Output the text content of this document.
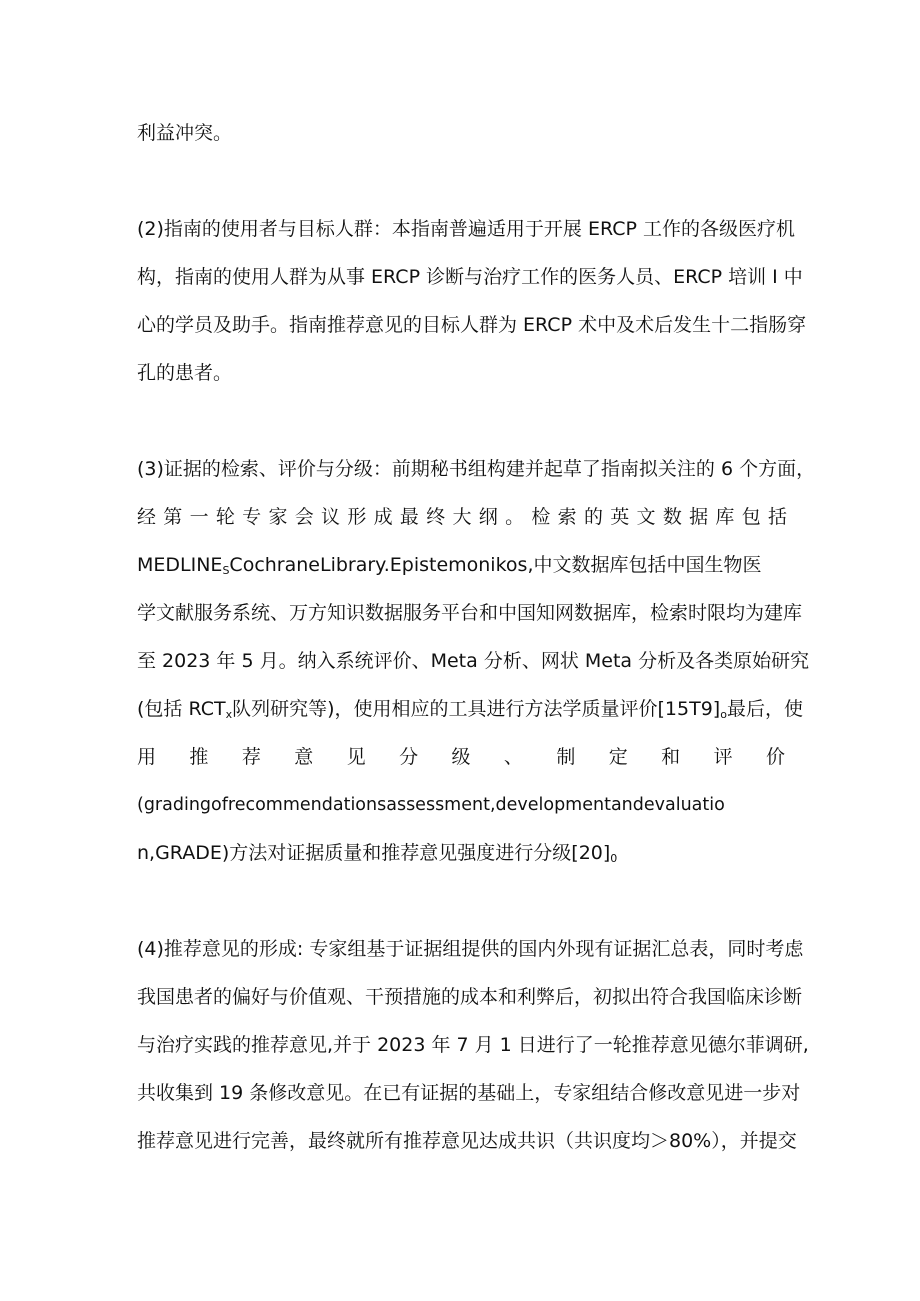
利益冲突。
(2)指南的使用者与目标人群：本指南普遍适用于开展 ERCP 工作的各级医疗机
构，指南的使用人群为从事 ERCP 诊断与治疗工作的医务人员、ERCP 培训 I 中
心的学员及助手。指南推荐意见的目标人群为 ERCP 术中及术后发生十二指肠穿
孔的患者。
(3)证据的检索、评价与分级：前期秘书组构建并起草了指南拟关注的 6 个方面，
经第一轮专家会议形成最终大纲。检索的英文数据库包括
$MEDLINE_SCochraneLibrary.Epistemonikos$,中文数据库包括中国生物医
学文献服务系统、万方知识数据服务平台和中国知网数据库，检索时限均为建库
至 2023 年 5 月。纳入系统评价、Meta 分析、网状 Meta 分析及各类原始研究
(包括 $RCT_x$队列研究等)，使用相应的工具进行方法学质量评价$[15T9]_o$最后，使
用推荐意见分级、制定和评价
(gradingofrecommendationsassessment,developmentandevaluatio
n,GRADE)方法对证据质量和推荐意见强度进行分级$[20]_0$
(4)推荐意见的形成: 专家组基于证据组提供的国内外现有证据汇总表，同时考虑
我国患者的偏好与价值观、干预措施的成本和利弊后，初拟出符合我国临床诊断
与治疗实践的推荐意见,并于 2023 年 7 月 1 日进行了一轮推荐意见德尔菲调研,
共收集到 19 条修改意见。在已有证据的基础上，专家组结合修改意见进一步对
推荐意见进行完善，最终就所有推荐意见达成共识（共识度均＞80%），并提交
